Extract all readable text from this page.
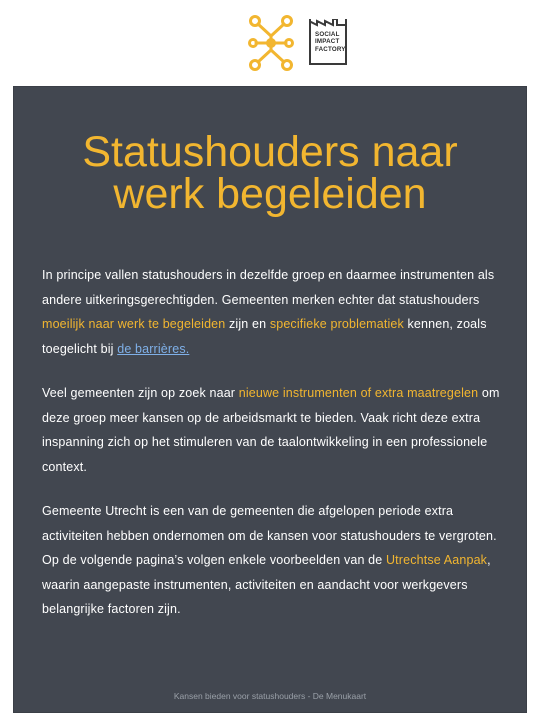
SOCIAL
IMPACT
FACTORY
Statushouders naar
werk begeleiden

In principe vallen statushouders in dezelfde groep en daarmee instrumenten als andere uitkeringsgerechtigden. Gemeenten merken echter dat statushouders moeilijk naar werk te begeleiden zijn en specifieke problematiek kennen, zoals toegelicht bij de barrières.

Veel gemeenten zijn op zoek naar nieuwe instrumenten of extra maatregelen om deze groep meer kansen op de arbeidsmarkt te bieden. Vaak richt deze extra inspanning zich op het stimuleren van de taalontwikkeling in een professionele context.

Gemeente Utrecht is een van de gemeenten die afgelopen periode extra activiteiten hebben ondernomen om de kansen voor statushouders te vergroten. Op de volgende pagina’s volgen enkele voorbeelden van de Utrechtse Aanpak, waarin aangepaste instrumenten, activiteiten en aandacht voor werkgevers belangrijke factoren zijn.

Kansen bieden voor statushouders - De Menukaart
